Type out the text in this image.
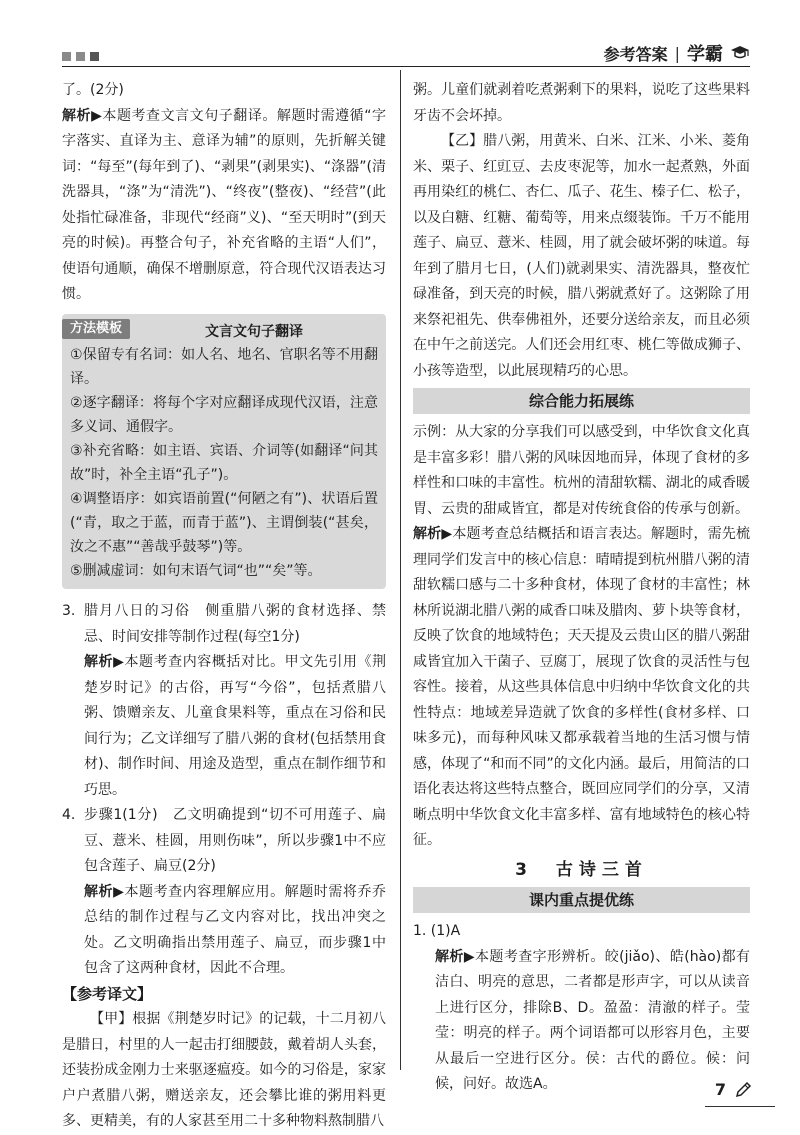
参考答案 | 学霸

了。(2分)

解析▶本题考查文言文句子翻译。解题时需遵循“字字落实、直译为主、意译为辅”的原则，先折解关键词：“每至”(每年到了)、“剥果”(剥果实)、“涤器”(清洗器具，“涤”为“清洗”)、“终夜”(整夜)、“经营”(此处指忙碌准备，非现代“经商”义)、“至天明时”(到天亮的时候)。再整合句子，补充省略的主语“人们”，使语句通顺，确保不增删原意，符合现代汉语表达习惯。

方法模板	文言文句子翻译

①保留专有名词：如人名、地名、官职名等不用翻译。

②逐字翻译：将每个字对应翻译成现代汉语，注意多义词、通假字。

③补充省略：如主语、宾语、介词等(如翻译“问其故”时，补全主语“孔子”)。

④调整语序：如宾语前置(“何陋之有”)、状语后置(“青，取之于蓝，而青于蓝”)、主谓倒装(“甚矣，汝之不惠”“善哉乎鼓琴”)等。

⑤删减虚词：如句末语气词“也”“矣”等。

3. 腊月八日的习俗　侧重腊八粥的食材选择、禁忌、时间安排等制作过程(每空1分)

解析▶本题考查内容概括对比。甲文先引用《荆楚岁时记》的古俗，再写“今俗”，包括煮腊八粥、馈赠亲友、儿童食果料等，重点在习俗和民间行为；乙文详细写了腊八粥的食材(包括禁用食材)、制作时间、用途及造型，重点在制作细节和巧思。

4. 步骤1(1分)　乙文明确提到“切不可用莲子、扁豆、薏米、桂圆，用则伤味”，所以步骤1中不应包含莲子、扁豆(2分)

解析▶本题考查内容理解应用。解题时需将乔乔总结的制作过程与乙文内容对比，找出冲突之处。乙文明确指出禁用莲子、扁豆，而步骤1中包含了这两种食材，因此不合理。

【参考译文】

【甲】根据《荆楚岁时记》的记载，十二月初八是腊日，村里的人一起击打细腰鼓，戴着胡人头套，还装扮成金刚力士来驱逐瘟疫。如今的习俗是，家家户户煮腊八粥，赠送亲友，还会攀比谁的粥用料更多、更精美，有的人家甚至用二十多种物料熬制腊八

粥。儿童们就剥着吃煮粥剩下的果料，说吃了这些果料牙齿不会坏掉。

【乙】腊八粥，用黄米、白米、江米、小米、菱角米、栗子、红豇豆、去皮枣泥等，加水一起煮熟，外面再用染红的桃仁、杏仁、瓜子、花生、榛子仁、松子，以及白糖、红糖、葡萄等，用来点缀装饰。千万不能用莲子、扁豆、薏米、桂圆，用了就会破坏粥的味道。每年到了腊月七日，(人们)就剥果实、清洗器具，整夜忙碌准备，到天亮的时候，腊八粥就煮好了。这粥除了用来祭祀祖先、供奉佛祖外，还要分送给亲友，而且必须在中午之前送完。人们还会用红枣、桃仁等做成狮子、小孩等造型，以此展现精巧的心思。

综合能力拓展练

示例：从大家的分享我们可以感受到，中华饮食文化真是丰富多彩！腊八粥的风味因地而异，体现了食材的多样性和口味的丰富性。杭州的清甜软糯、湖北的咸香暖胃、云贵的甜咸皆宜，都是对传统食俗的传承与创新。

解析▶本题考查总结概括和语言表达。解题时，需先梳理同学们发言中的核心信息：晴晴提到杭州腊八粥的清甜软糯口感与二十多种食材，体现了食材的丰富性；林林所说湖北腊八粥的咸香口味及腊肉、萝卜块等食材，反映了饮食的地域特色；天天提及云贵山区的腊八粥甜咸皆宜加入干菌子、豆腐丁，展现了饮食的灵活性与包容性。接着，从这些具体信息中归纳中华饮食文化的共性特点：地域差异造就了饮食的多样性(食材多样、口味多元)，而每种风味又都承载着当地的生活习惯与情感，体现了“和而不同”的文化内涵。最后，用简洁的口语化表达将这些特点整合，既回应同学们的分享，又清晰点明中华饮食文化丰富多样、富有地域特色的核心特征。

3　古诗三首
课内重点提优练

1. (1)A

解析▶本题考查字形辨析。皎(jiǎo)、皓(hào)都有洁白、明亮的意思，二者都是形声字，可以从读音上进行区分，排除B、D。盈盈：清澈的样子。莹莹：明亮的样子。两个词语都可以形容月色，主要从最后一空进行区分。侯：古代的爵位。候：问候，问好。故选A。	7
